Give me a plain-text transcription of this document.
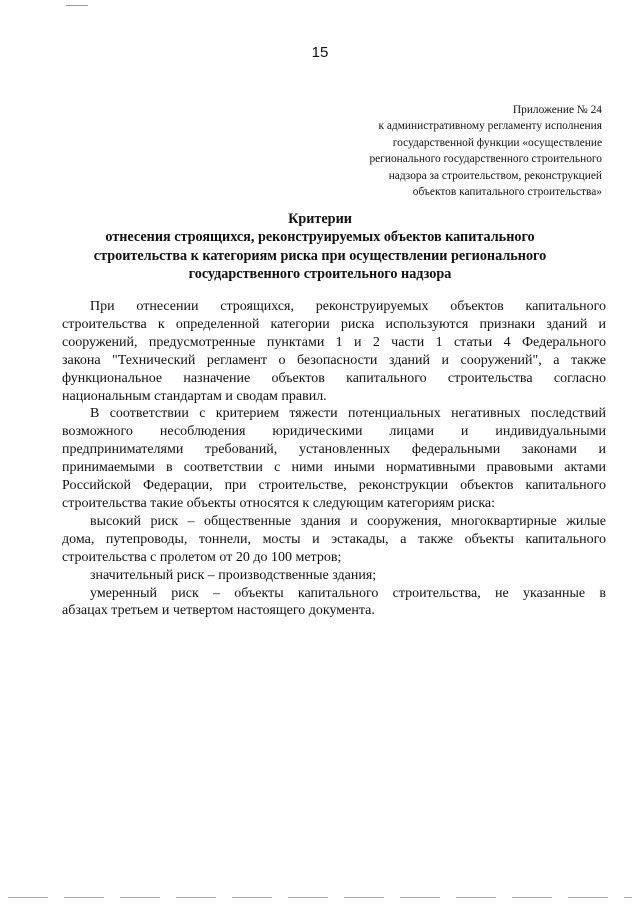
15
Приложение № 24
к административному регламенту исполнения
государственной функции «осуществление
регионального государственного строительного
надзора за строительством, реконструкцией
объектов капитального строительства»
Критерии
отнесения строящихся, реконструируемых объектов капитального
строительства к категориям риска при осуществлении регионального
государственного строительного надзора
При отнесении строящихся, реконструируемых объектов капитального
строительства к определенной категории риска используются признаки зданий и
сооружений, предусмотренные пунктами 1 и 2 части 1 статьи 4 Федерального
закона "Технический регламент о безопасности зданий и сооружений", а также
функциональное назначение объектов капитального строительства согласно
национальным стандартам и сводам правил.
В соответствии с критерием тяжести потенциальных негативных последствий
возможного несоблюдения юридическими лицами и индивидуальными
предпринимателями требований, установленных федеральными законами и
принимаемыми в соответствии с ними иными нормативными правовыми актами
Российской Федерации, при строительстве, реконструкции объектов капитального
строительства такие объекты относятся к следующим категориям риска:
высокий риск – общественные здания и сооружения, многоквартирные жилые
дома, путепроводы, тоннели, мосты и эстакады, а также объекты капитального
строительства с пролетом от 20 до 100 метров;
значительный риск – производственные здания;
умеренный риск – объекты капитального строительства, не указанные в
абзацах третьем и четвертом настоящего документа.
